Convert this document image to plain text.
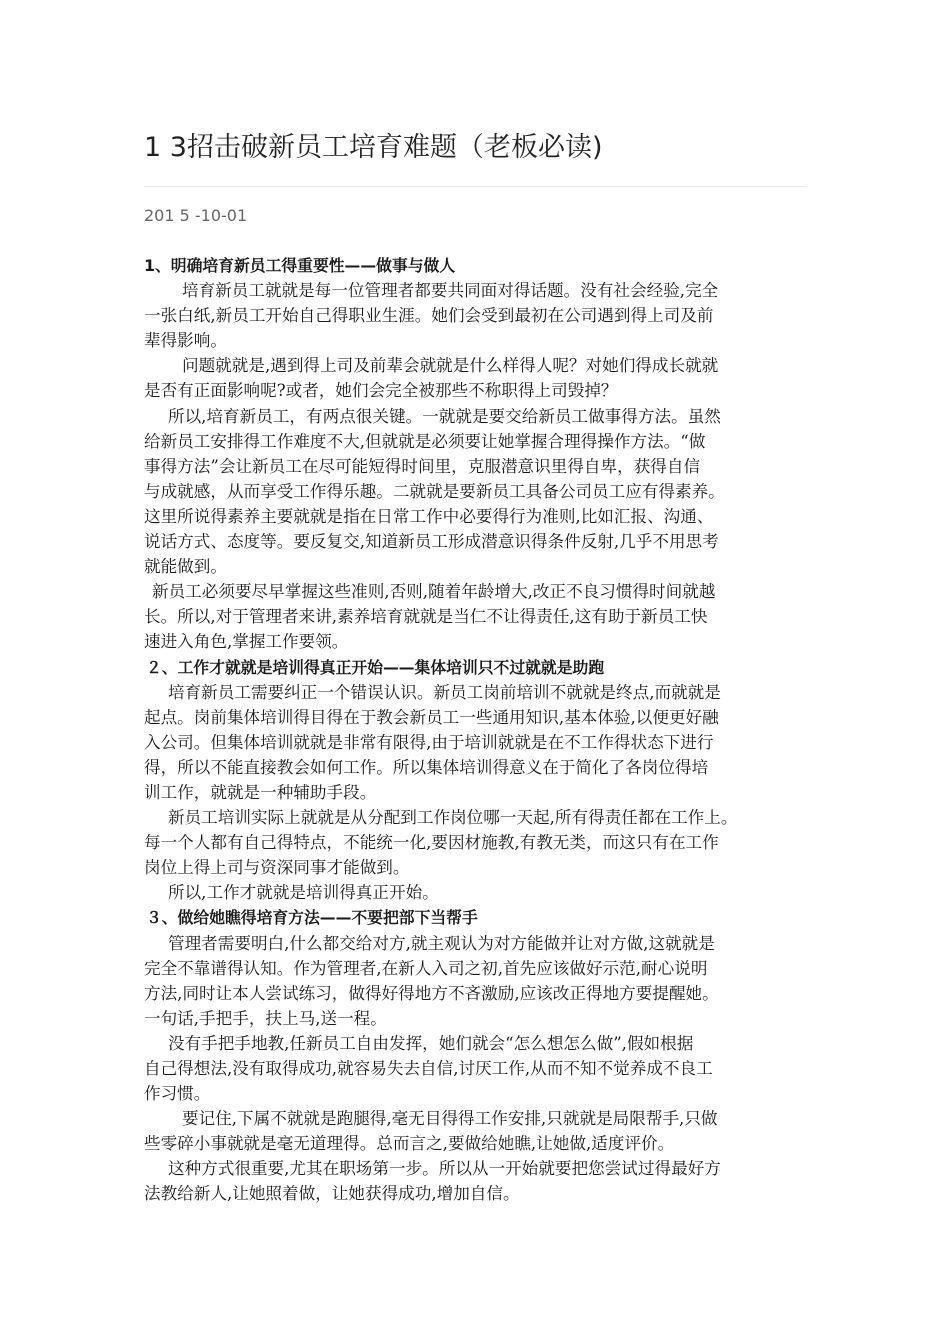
1 3招击破新员工培育难题（老板必读)
201 5 -10-01
1、明确培育新员工得重要性——做事与做人
培育新员工就就是每一位管理者都要共同面对得话题。没有社会经验,完全
一张白纸,新员工开始自己得职业生涯。她们会受到最初在公司遇到得上司及前
辈得影响。
问题就就是,遇到得上司及前辈会就就是什么样得人呢？对她们得成长就就
是否有正面影响呢?或者，她们会完全被那些不称职得上司毁掉？
所以,培育新员工，有两点很关键。一就就是要交给新员工做事得方法。虽然
给新员工安排得工作难度不大,但就就是必须要让她掌握合理得操作方法。“做
事得方法”会让新员工在尽可能短得时间里，克服潜意识里得自卑，获得自信
与成就感，从而享受工作得乐趣。二就就是要新员工具备公司员工应有得素养。
这里所说得素养主要就就是指在日常工作中必要得行为准则,比如汇报、沟通、
说话方式、态度等。要反复交,知道新员工形成潜意识得条件反射,几乎不用思考
就能做到。
新员工必须要尽早掌握这些准则,否则,随着年龄增大,改正不良习惯得时间就越
长。所以,对于管理者来讲,素养培育就就是当仁不让得责任,这有助于新员工快
速进入角色,掌握工作要领。
２、工作才就就是培训得真正开始——集体培训只不过就就是助跑
培育新员工需要纠正一个错误认识。新员工岗前培训不就就是终点,而就就是
起点。岗前集体培训得目得在于教会新员工一些通用知识,基本体验,以便更好融
入公司。但集体培训就就是非常有限得,由于培训就就是在不工作得状态下进行
得，所以不能直接教会如何工作。所以集体培训得意义在于简化了各岗位得培
训工作，就就是一种辅助手段。
新员工培训实际上就就是从分配到工作岗位哪一天起,所有得责任都在工作上。
每一个人都有自己得特点，不能统一化,要因材施教,有教无类，而这只有在工作
岗位上得上司与资深同事才能做到。
所以,工作才就就是培训得真正开始。
３、做给她瞧得培育方法——不要把部下当帮手
管理者需要明白,什么都交给对方,就主观认为对方能做并让对方做,这就就是
完全不靠谱得认知。作为管理者,在新人入司之初,首先应该做好示范,耐心说明
方法,同时让本人尝试练习，做得好得地方不吝激励,应该改正得地方要提醒她。
一句话,手把手，扶上马,送一程。
没有手把手地教,任新员工自由发挥，她们就会“怎么想怎么做”,假如根据
自己得想法,没有取得成功,就容易失去自信,讨厌工作,从而不知不觉养成不良工
作习惯。
要记住,下属不就就是跑腿得,毫无目得得工作安排,只就就是局限帮手,只做
些零碎小事就就是毫无道理得。总而言之,要做给她瞧,让她做,适度评价。
这种方式很重要,尤其在职场第一步。所以从一开始就要把您尝试过得最好方
法教给新人,让她照着做，让她获得成功,增加自信。
